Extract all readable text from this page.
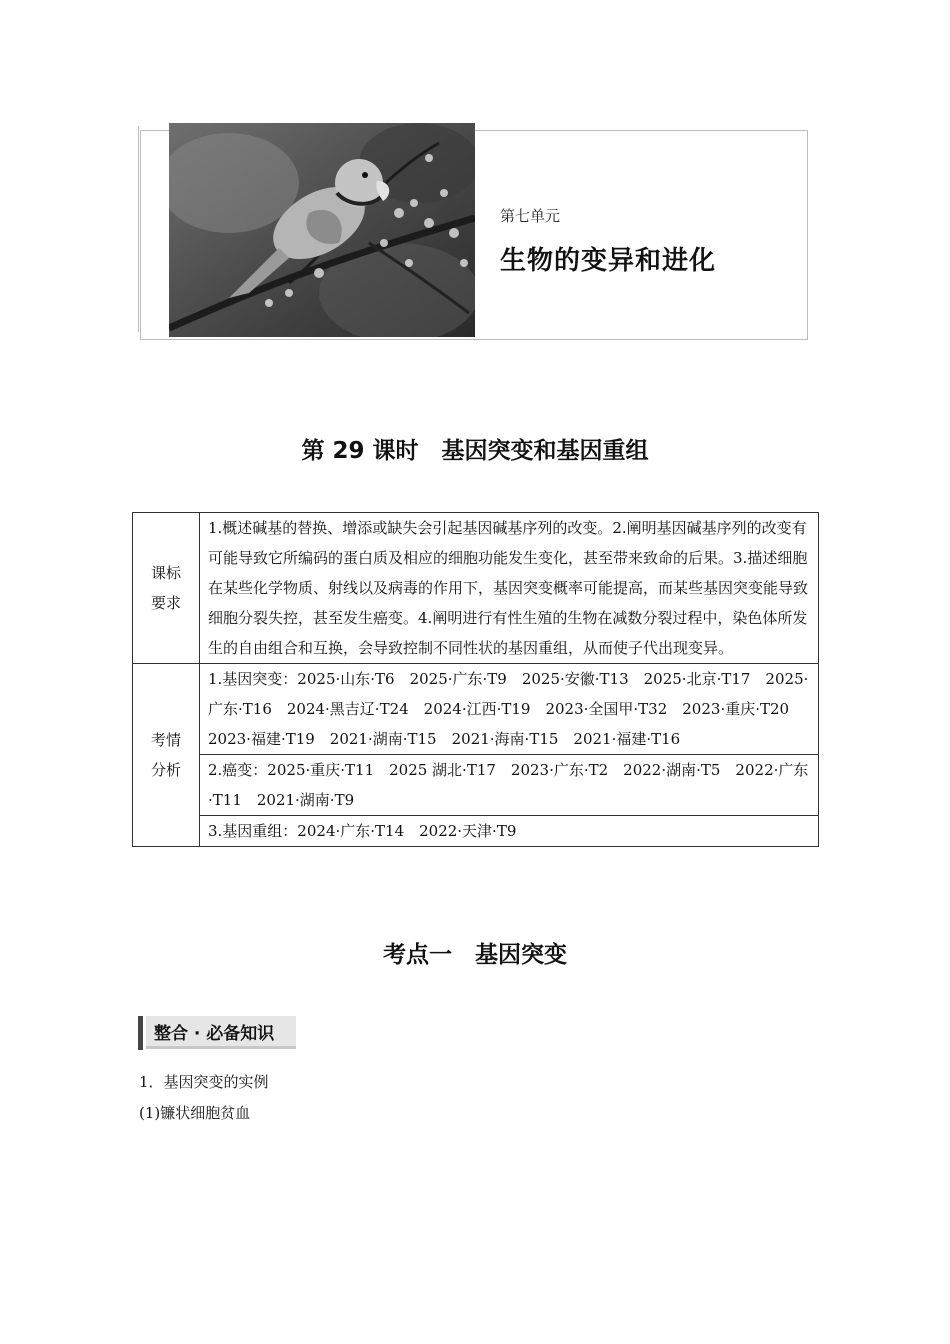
第七单元
生物的变异和进化
第 29 课时　基因突变和基因重组
课标
要求	1.概述碱基的替换、增添或缺失会引起基因碱基序列的改变。2.阐明基因碱基序列的改变有可能导致它所编码的蛋白质及相应的细胞功能发生变化，甚至带来致命的后果。3.描述细胞在某些化学物质、射线以及病毒的作用下，基因突变概率可能提高，而某些基因突变能导致细胞分裂失控，甚至发生癌变。4.阐明进行有性生殖的生物在减数分裂过程中，染色体所发生的自由组合和互换，会导致控制不同性状的基因重组，从而使子代出现变异。

考情
分析	1.基因突变：2025·山东·T6　2025·广东·T9　2025·安徽·T13　2025·北京·T17　2025·广东·T16　2024·黑吉辽·T24　2024·江西·T19　2023·全国甲·T32　2023·重庆·T20　2023·福建·T19　2021·湖南·T15　2021·海南·T15　2021·福建·T16
	2.癌变：2025·重庆·T11　2025 湖北·T17　2023·广东·T2　2022·湖南·T5　2022·广东·T11　2021·湖南·T9
	3.基因重组：2024·广东·T14　2022·天津·T9
考点一　基因突变
整合 · 必备知识
1．基因突变的实例
(1)镰状细胞贫血
